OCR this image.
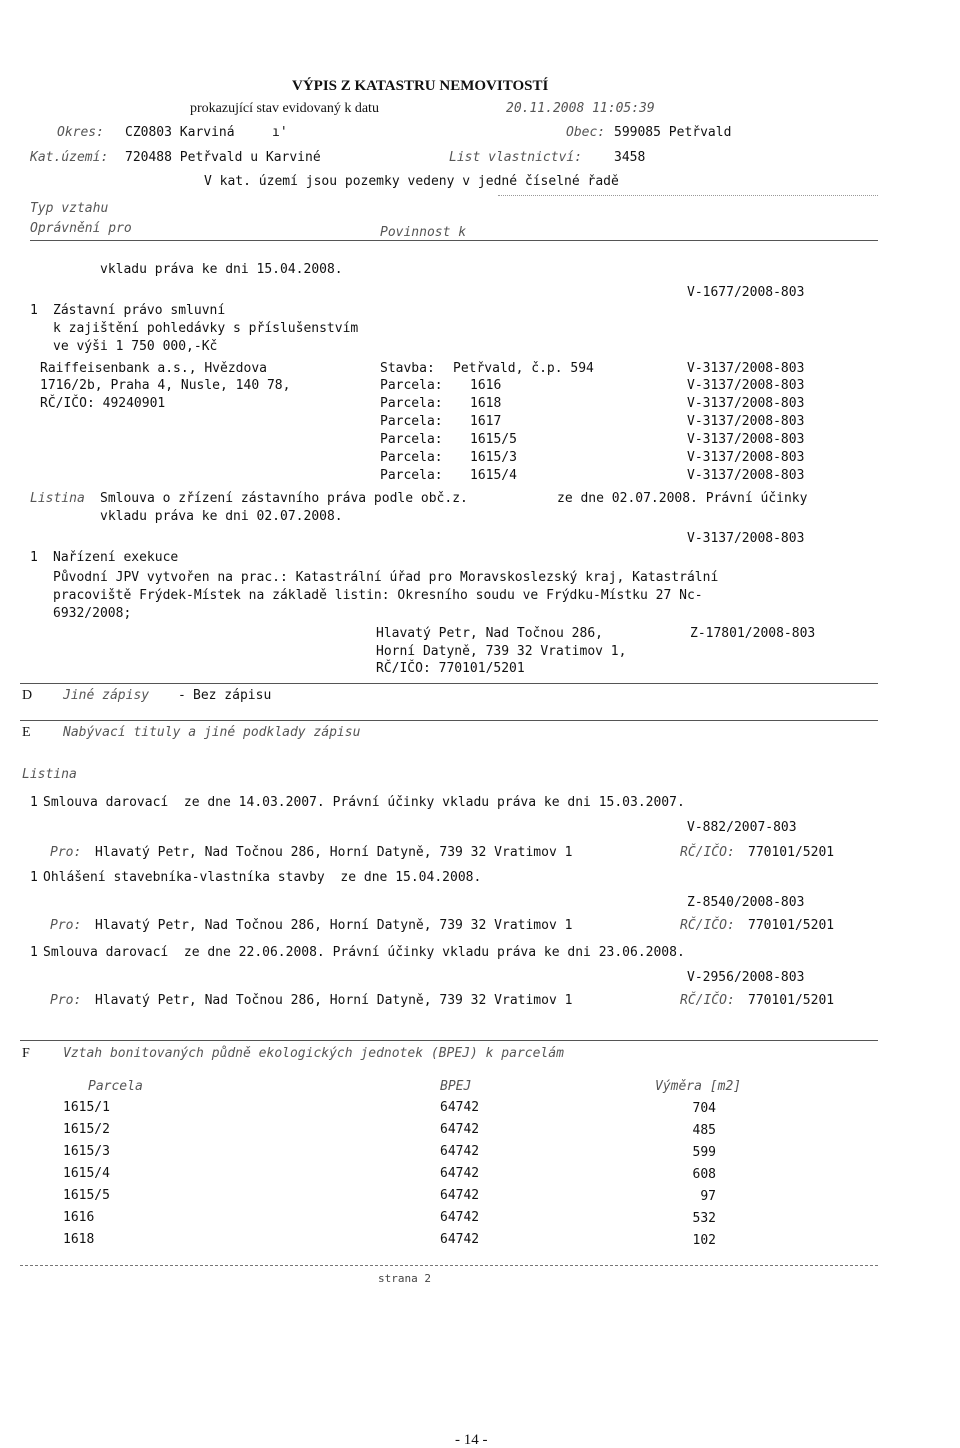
VÝPIS Z KATASTRU NEMOVITOSTÍ
prokazující stav evidovaný k datu	20.11.2008 11:05:39
Okres: CZ0803 Karviná	ı'	Obec: 599085 Petřvald
Kat.území: 720488 Petřvald u Karviné	List vlastnictví: 3458
V kat. území jsou pozemky vedeny v jedné číselné řadě
Typ vztahu
Oprávnění pro	Povinnost k
vkladu práva ke dni 15.04.2008.
V-1677/2008-803
1 Zástavní právo smluvní
k zajištění pohledávky s příslušenstvím
ve výši 1 750 000,-Kč
Raiffeisenbank a.s., Hvězdova
1716/2b, Praha 4, Nusle, 140 78,
RČ/IČO: 49240901
Stavba: Petřvald, č.p. 594	V-3137/2008-803
Parcela: 1616	V-3137/2008-803
Parcela: 1618	V-3137/2008-803
Parcela: 1617	V-3137/2008-803
Parcela: 1615/5	V-3137/2008-803
Parcela: 1615/3	V-3137/2008-803
Parcela: 1615/4	V-3137/2008-803
Listina Smlouva o zřízení zástavního práva podle obč.z.	ze dne 02.07.2008. Právní účinky
vkladu práva ke dni 02.07.2008.
V-3137/2008-803
1 Nařízení exekuce
Původní JPV vytvořen na prac.: Katastrální úřad pro Moravskoslezský kraj, Katastrální
pracoviště Frýdek-Místek na základě listin: Okresního soudu ve Frýdku-Místku 27 Nc-
6932/2008;
Hlavatý Petr, Nad Točnou 286,	Z-17801/2008-803
Horní Datyně, 739 32 Vratimov 1,
RČ/IČO: 770101/5201
D Jiné zápisy - Bez zápisu
E Nabývací tituly a jiné podklady zápisu
Listina
1 Smlouva darovací  ze dne 14.03.2007. Právní účinky vkladu práva ke dni 15.03.2007.
V-882/2007-803
Pro: Hlavatý Petr, Nad Točnou 286, Horní Datyně, 739 32 Vratimov 1	RČ/IČO: 770101/5201
1 Ohlášení stavebníka-vlastníka stavby  ze dne 15.04.2008.
Z-8540/2008-803
Pro: Hlavatý Petr, Nad Točnou 286, Horní Datyně, 739 32 Vratimov 1	RČ/IČO: 770101/5201
1 Smlouva darovací  ze dne 22.06.2008. Právní účinky vkladu práva ke dni 23.06.2008.
V-2956/2008-803
Pro: Hlavatý Petr, Nad Točnou 286, Horní Datyně, 739 32 Vratimov 1	RČ/IČO: 770101/5201
F	Vztah bonitovaných půdně ekologických jednotek (BPEJ) k parcelám
Parcela	BPEJ	Výměra [m2]
1615/1	64742	704
1615/2	64742	485
1615/3	64742	599
1615/4	64742	608
1615/5	64742	97
1616	64742	532
1618	64742	102
strana 2
- 14 -
